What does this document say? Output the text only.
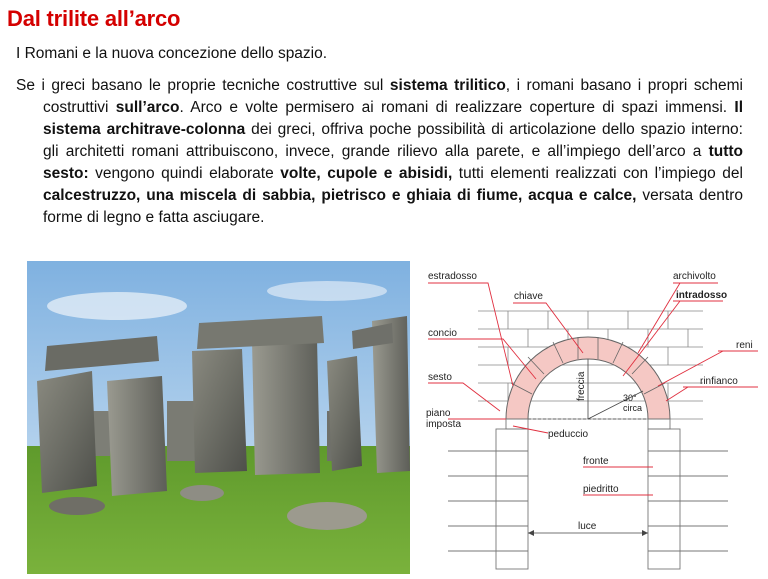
Dal trilite all’arco
I Romani e la nuova concezione dello spazio.
Se i greci basano le proprie tecniche costruttive sul sistema trilitico, i romani basano i propri schemi costruttivi sull’arco. Arco e volte permisero ai romani di realizzare coperture di spazi immensi. Il sistema architrave-colonna dei greci, offriva poche possibilità di articolazione dello spazio interno: gli architetti romani attribuiscono, invece, grande rilievo alla parete, e all’impiego dell’arco a tutto sesto: vengono quindi elaborate volte, cupole e abisidi, tutti elementi realizzati con l’impiego del calcestruzzo, una miscela di sabbia, pietrisco e ghiaia di fiume, acqua e calce, versata dentro forme di legno e fatta asciugare.
estradosso
chiave
archivolto
intradosso
concio
reni
sesto	rinfianco
freccia	30°
circa
piano
imposta
peduccio
fronte
piedritto
luce
